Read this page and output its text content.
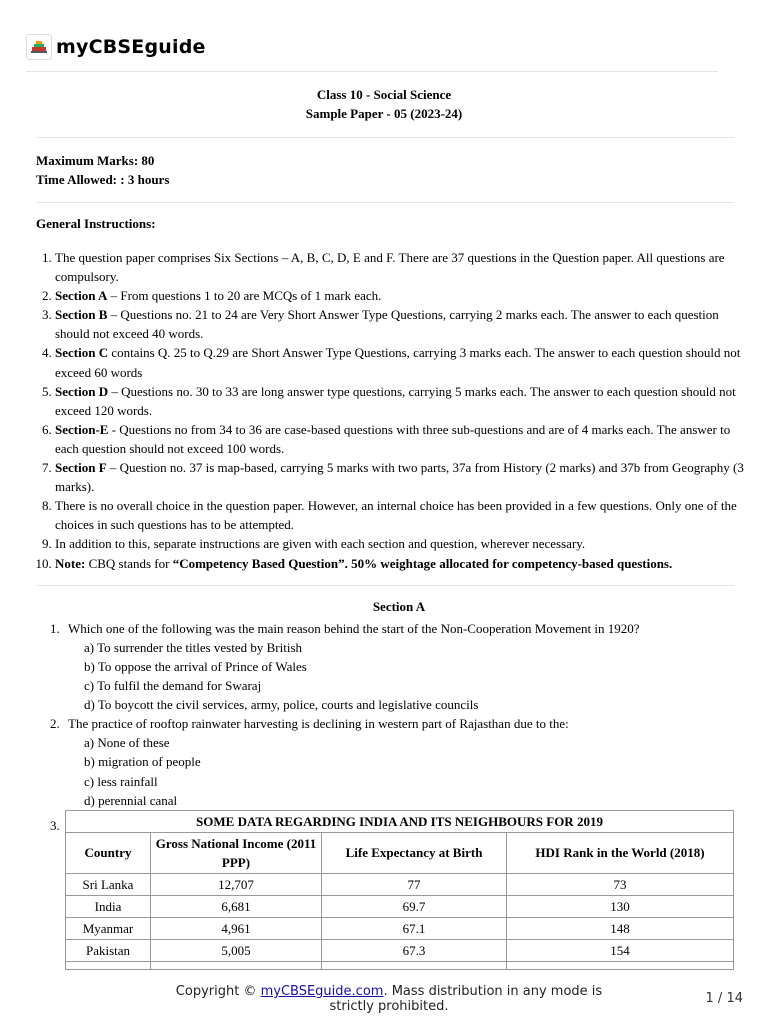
myCBSEguide
Class 10 - Social Science
Sample Paper - 05 (2023-24)
Maximum Marks: 80
Time Allowed: : 3 hours
General Instructions:
1. The question paper comprises Six Sections – A, B, C, D, E and F. There are 37 questions in the Question paper. All questions are compulsory.
2. Section A – From questions 1 to 20 are MCQs of 1 mark each.
3. Section B – Questions no. 21 to 24 are Very Short Answer Type Questions, carrying 2 marks each. The answer to each question should not exceed 40 words.
4. Section C contains Q. 25 to Q.29 are Short Answer Type Questions, carrying 3 marks each. The answer to each question should not exceed 60 words
5. Section D – Questions no. 30 to 33 are long answer type questions, carrying 5 marks each. The answer to each question should not exceed 120 words.
6. Section-E - Questions no from 34 to 36 are case-based questions with three sub-questions and are of 4 marks each. The answer to each question should not exceed 100 words.
7. Section F – Question no. 37 is map-based, carrying 5 marks with two parts, 37a from History (2 marks) and 37b from Geography (3 marks).
8. There is no overall choice in the question paper. However, an internal choice has been provided in a few questions. Only one of the choices in such questions has to be attempted.
9. In addition to this, separate instructions are given with each section and question, wherever necessary.
10. Note: CBQ stands for “Competency Based Question”. 50% weightage allocated for competency-based questions.
Section A
1. Which one of the following was the main reason behind the start of the Non-Cooperation Movement in 1920?
a) To surrender the titles vested by British
b) To oppose the arrival of Prince of Wales
c) To fulfil the demand for Swaraj
d) To boycott the civil services, army, police, courts and legislative councils
2. The practice of rooftop rainwater harvesting is declining in western part of Rajasthan due to the:
a) None of these
b) migration of people
c) less rainfall
d) perennial canal
3.	SOME DATA REGARDING INDIA AND ITS NEIGHBOURS FOR 2019			
Country	Gross National Income (2011 PPP)	Life Expectancy at Birth	HDI Rank in the World (2018)
Sri Lanka	12,707	77	73
India	6,681	69.7	130
Myanmar	4,961	67.1	148
Pakistan	5,005	67.3	154

Copyright © myCBSEguide.com. Mass distribution in any mode is strictly prohibited.
1 / 14
